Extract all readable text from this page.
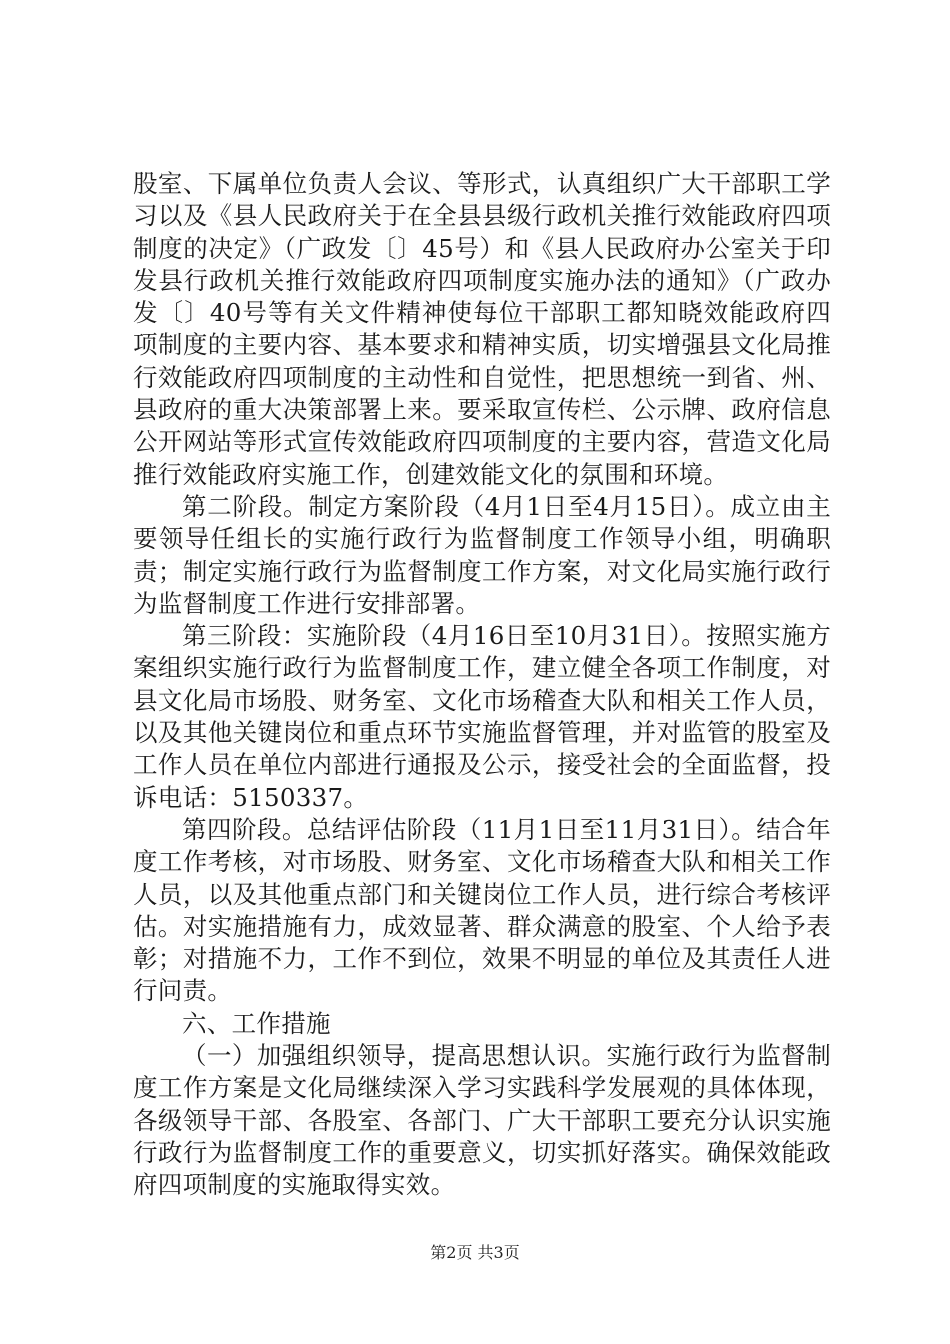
股室、下属单位负责人会议、等形式，认真组织广大干部职工学习以及《县人民政府关于在全县县级行政机关推行效能政府四项制度的决定》（广政发〔〕45号）和《县人民政府办公室关于印发县行政机关推行效能政府四项制度实施办法的通知》（广政办发〔〕40号等有关文件精神使每位干部职工都知晓效能政府四项制度的主要内容、基本要求和精神实质，切实增强县文化局推行效能政府四项制度的主动性和自觉性，把思想统一到省、州、县政府的重大决策部署上来。要采取宣传栏、公示牌、政府信息公开网站等形式宣传效能政府四项制度的主要内容，营造文化局推行效能政府实施工作，创建效能文化的氛围和环境。

第二阶段。制定方案阶段（4月1日至4月15日）。成立由主要领导任组长的实施行政行为监督制度工作领导小组，明确职责；制定实施行政行为监督制度工作方案，对文化局实施行政行为监督制度工作进行安排部署。

第三阶段：实施阶段（4月16日至10月31日）。按照实施方案组织实施行政行为监督制度工作，建立健全各项工作制度，对县文化局市场股、财务室、文化市场稽查大队和相关工作人员，以及其他关键岗位和重点环节实施监督管理，并对监管的股室及工作人员在单位内部进行通报及公示，接受社会的全面监督，投诉电话：5150337。

第四阶段。总结评估阶段（11月1日至11月31日）。结合年度工作考核，对市场股、财务室、文化市场稽查大队和相关工作人员，以及其他重点部门和关键岗位工作人员，进行综合考核评估。对实施措施有力，成效显著、群众满意的股室、个人给予表彰；对措施不力，工作不到位，效果不明显的单位及其责任人进行问责。

六、工作措施

（一）加强组织领导，提高思想认识。实施行政行为监督制度工作方案是文化局继续深入学习实践科学发展观的具体体现，各级领导干部、各股室、各部门、广大干部职工要充分认识实施行政行为监督制度工作的重要意义，切实抓好落实。确保效能政府四项制度的实施取得实效。

第2页 共3页
